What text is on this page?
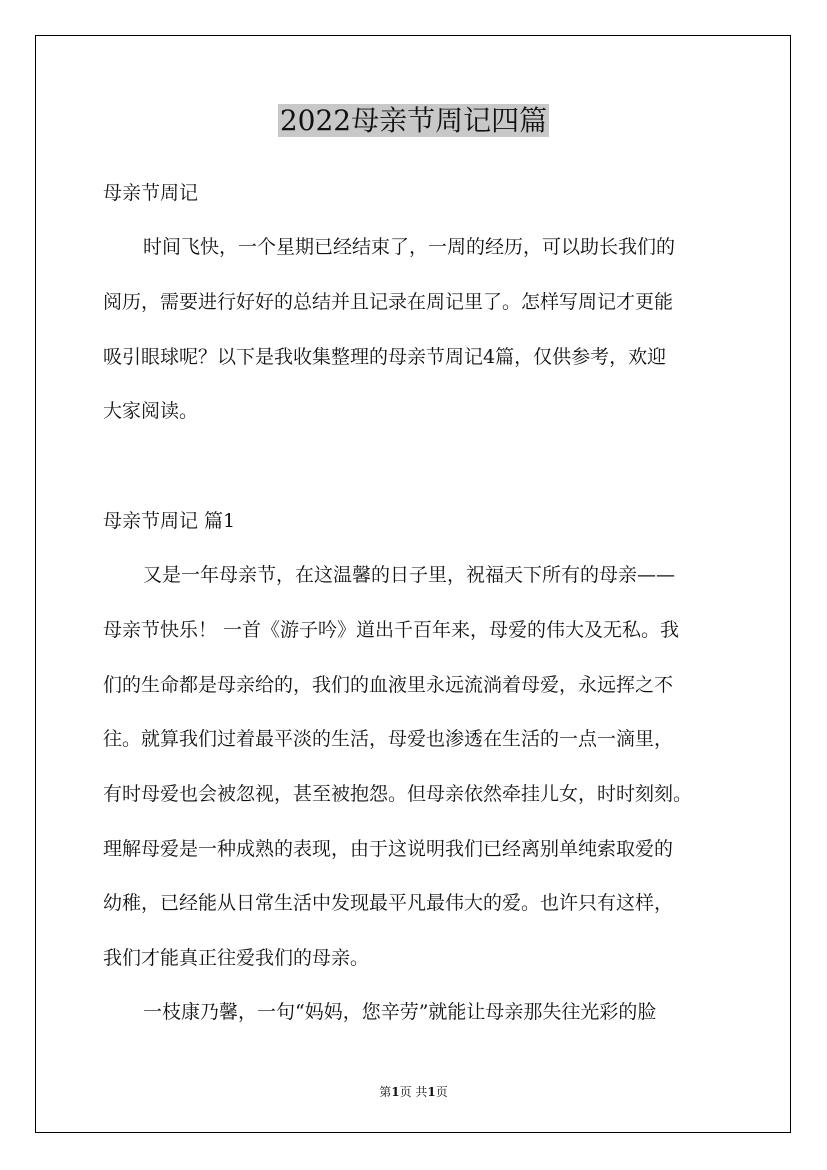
2022母亲节周记四篇
母亲节周记
时间飞快，一个星期已经结束了，一周的经历，可以助长我们的
阅历，需要进行好好的总结并且记录在周记里了。怎样写周记才更能
吸引眼球呢？以下是我收集整理的母亲节周记4篇，仅供参考，欢迎
大家阅读。
母亲节周记 篇1
又是一年母亲节，在这温馨的日子里，祝福天下所有的母亲——
母亲节快乐！ 一首《游子吟》道出千百年来，母爱的伟大及无私。我
们的生命都是母亲给的，我们的血液里永远流淌着母爱，永远挥之不
往。就算我们过着最平淡的生活，母爱也渗透在生活的一点一滴里，
有时母爱也会被忽视，甚至被抱怨。但母亲依然牵挂儿女，时时刻刻。
理解母爱是一种成熟的表现，由于这说明我们已经离别单纯索取爱的
幼稚，已经能从日常生活中发现最平凡最伟大的爱。也许只有这样，
我们才能真正往爱我们的母亲。
一枝康乃馨，一句“妈妈，您辛劳”就能让母亲那失往光彩的脸
第1页 共1页
